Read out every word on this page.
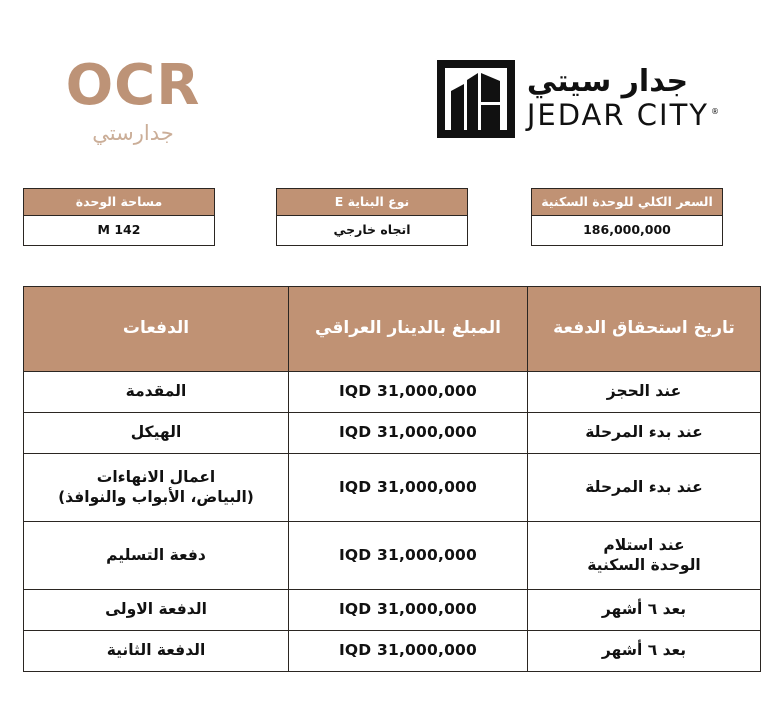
OCR
جدارستي
جدار سيتي
JEDAR CITY ®
السعر الكلي للوحدة السكنية
186,000,000
نوع البناية E
اتجاه خارجي
مساحة الوحدة
M 142
تاريخ استحقاق الدفعة	المبلغ بالدينار العراقي	الدفعات

عند الحجز	IQD 31,000,000	المقدمة

عند بدء المرحلة	IQD 31,000,000	الهيكل

عند بدء المرحلة	IQD 31,000,000	اعمال الانهاءات
(البياض، الأبواب والنوافذ)

عند استلام
الوحدة السكنية	IQD 31,000,000	دفعة التسليم

بعد ٦ أشهر	IQD 31,000,000	الدفعة الاولى

بعد ٦ أشهر	IQD 31,000,000	الدفعة الثانية
